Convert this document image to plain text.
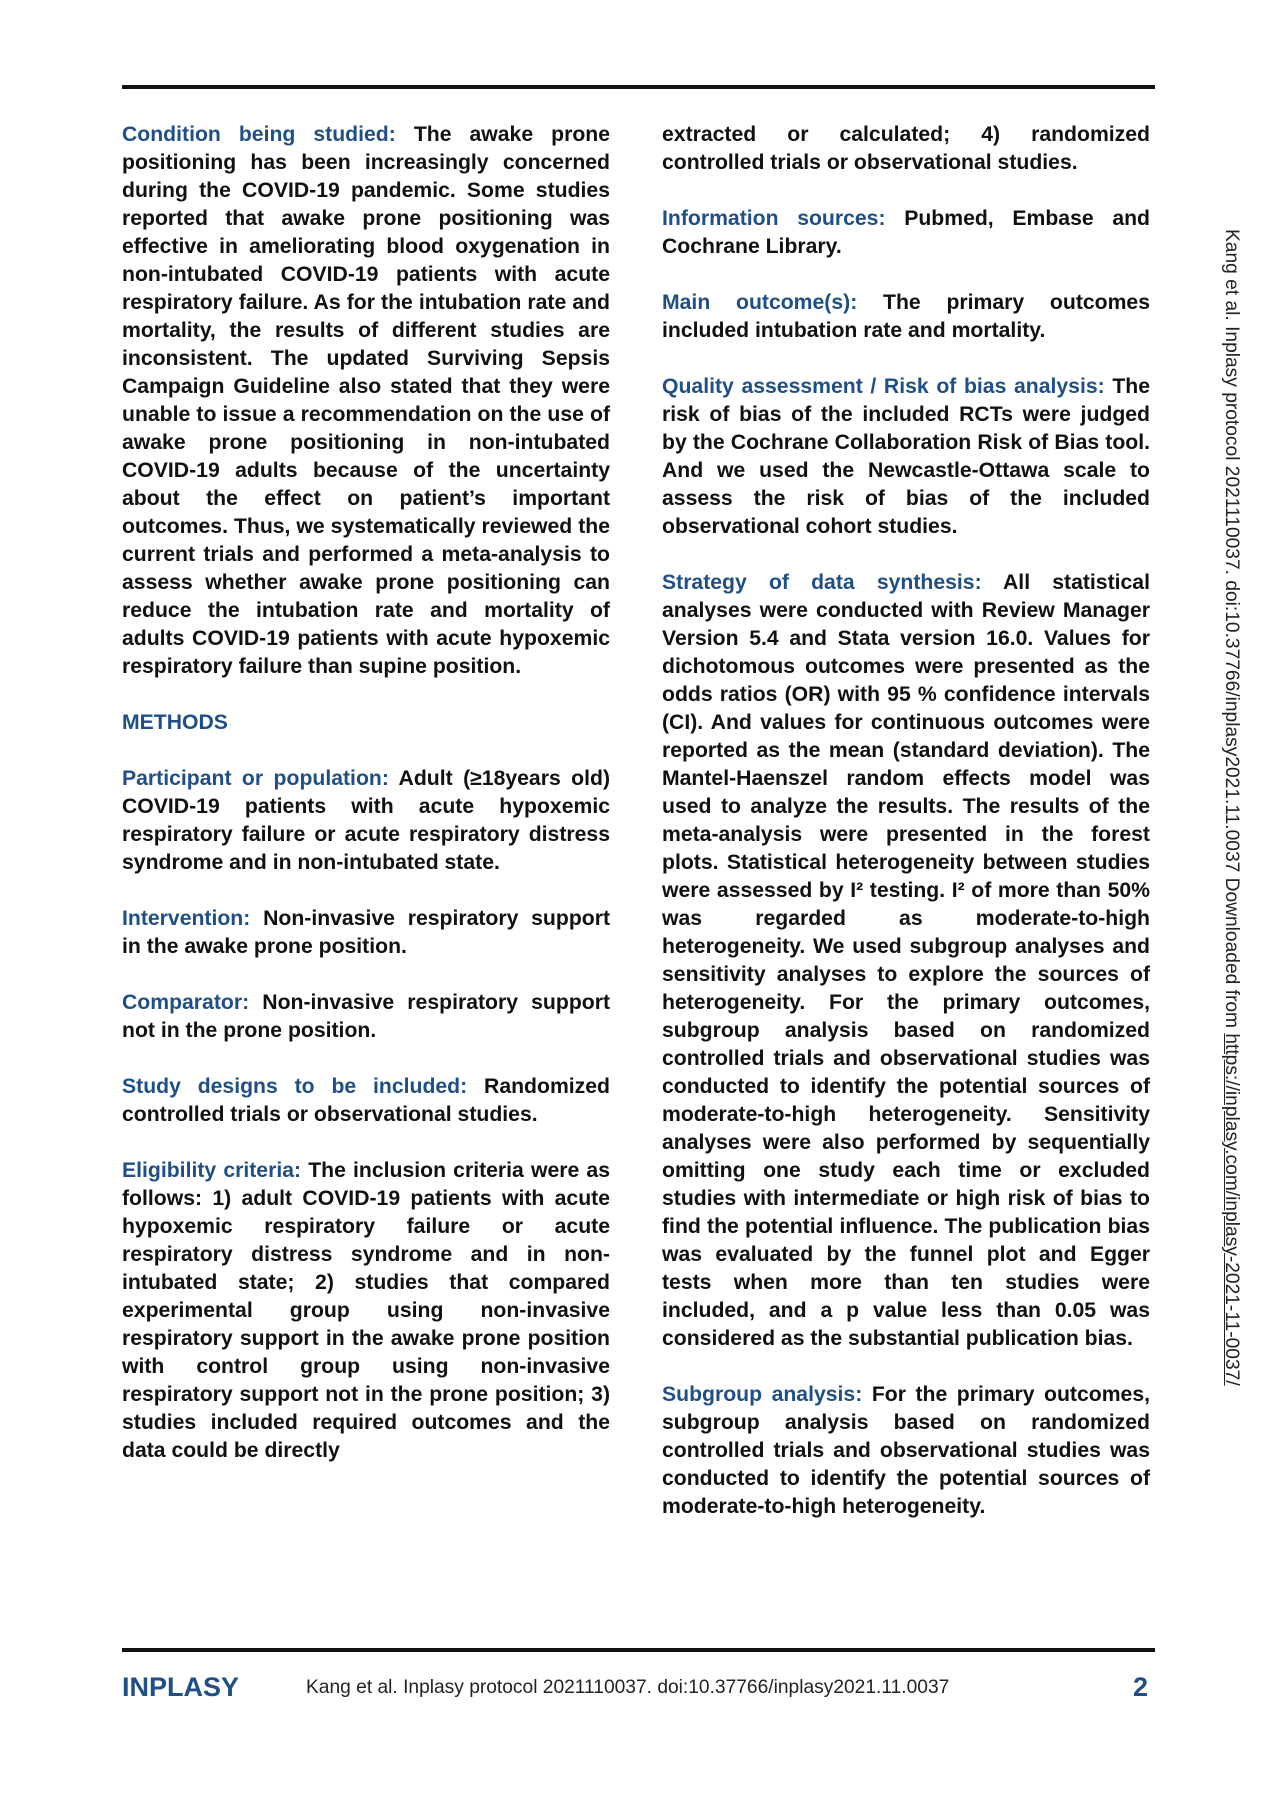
Condition being studied: The awake prone positioning has been increasingly concerned during the COVID-19 pandemic. Some studies reported that awake prone positioning was effective in ameliorating blood oxygenation in non-intubated COVID-19 patients with acute respiratory failure. As for the intubation rate and mortality, the results of different studies are inconsistent. The updated Surviving Sepsis Campaign Guideline also stated that they were unable to issue a recommendation on the use of awake prone positioning in non-intubated COVID-19 adults because of the uncertainty about the effect on patient’s important outcomes. Thus, we systematically reviewed the current trials and performed a meta-analysis to assess whether awake prone positioning can reduce the intubation rate and mortality of adults COVID-19 patients with acute hypoxemic respiratory failure than supine position.

METHODS

Participant or population: Adult (≥18years old) COVID-19 patients with acute hypoxemic respiratory failure or acute respiratory distress syndrome and in non-intubated state.

Intervention: Non-invasive respiratory support in the awake prone position.

Comparator: Non-invasive respiratory support not in the prone position.

Study designs to be included: Randomized controlled trials or observational studies.

Eligibility criteria: The inclusion criteria were as follows: 1) adult COVID-19 patients with acute hypoxemic respiratory failure or acute respiratory distress syndrome and in non-intubated state; 2) studies that compared experimental group using non-invasive respiratory support in the awake prone position with control group using non-invasive respiratory support not in the prone position; 3) studies included required outcomes and the data could be directly

extracted or calculated; 4) randomized controlled trials or observational studies.

Information sources: Pubmed, Embase and Cochrane Library.

Main outcome(s): The primary outcomes included intubation rate and mortality.

Quality assessment / Risk of bias analysis: The risk of bias of the included RCTs were judged by the Cochrane Collaboration Risk of Bias tool. And we used the Newcastle-Ottawa scale to assess the risk of bias of the included observational cohort studies.

Strategy of data synthesis: All statistical analyses were conducted with Review Manager Version 5.4 and Stata version 16.0. Values for dichotomous outcomes were presented as the odds ratios (OR) with 95 % confidence intervals (CI). And values for continuous outcomes were reported as the mean (standard deviation). The Mantel-Haenszel random effects model was used to analyze the results. The results of the meta-analysis were presented in the forest plots. Statistical heterogeneity between studies were assessed by I² testing. I² of more than 50% was regarded as moderate-to-high heterogeneity. We used subgroup analyses and sensitivity analyses to explore the sources of heterogeneity. For the primary outcomes, subgroup analysis based on randomized controlled trials and observational studies was conducted to identify the potential sources of moderate-to-high heterogeneity. Sensitivity analyses were also performed by sequentially omitting one study each time or excluded studies with intermediate or high risk of bias to find the potential influence. The publication bias was evaluated by the funnel plot and Egger tests when more than ten studies were included, and a p value less than 0.05 was considered as the substantial publication bias.

Subgroup analysis: For the primary outcomes, subgroup analysis based on randomized controlled trials and observational studies was conducted to identify the potential sources of moderate-to-high heterogeneity.

Kang et al. Inplasy protocol 2021110037. doi:10.37766/inplasy2021.11.0037 Downloaded from https://inplasy.com/inplasy-2021-11-0037/
INPLASY	Kang et al. Inplasy protocol 2021110037. doi:10.37766/inplasy2021.11.0037	2
